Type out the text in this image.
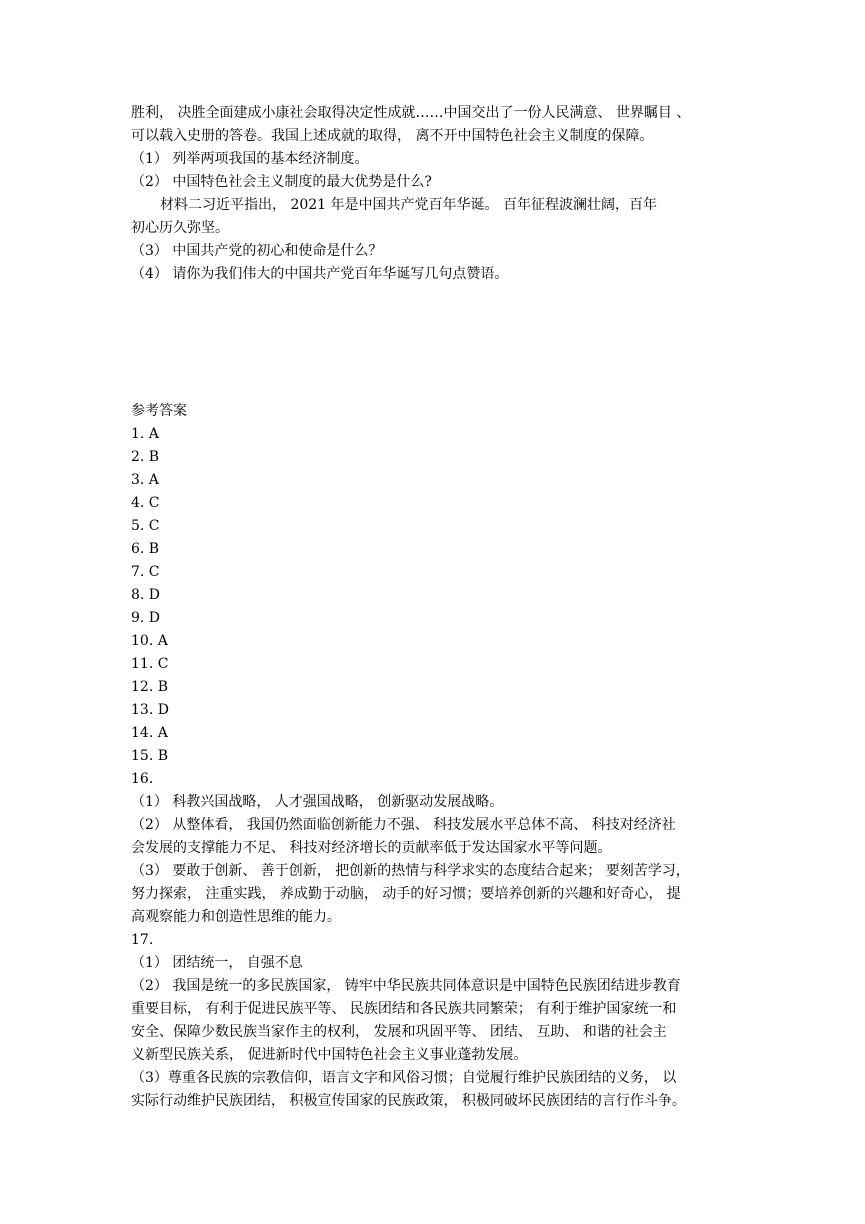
胜利， 决胜全面建成小康社会取得决定性成就……中国交出了一份人民满意、 世界瞩目 、
可以载入史册的答卷。我国上述成就的取得， 离不开中国特色社会主义制度的保障。
（1） 列举两项我国的基本经济制度。
（2） 中国特色社会主义制度的最大优势是什么?
材料二习近平指出， 2021 年是中国共产党百年华诞。 百年征程波澜壮阔，百年
初心历久弥坚。
（3） 中国共产党的初心和使命是什么？
（4） 请你为我们伟大的中国共产党百年华诞写几句点赞语。
参考答案
1. A
2. B
3. A
4. C
5. C
6. B
7. C
8. D
9. D
10. A
11. C
12. B
13. D
14. A
15. B
16.
（1） 科教兴国战略， 人才强国战略， 创新驱动发展战略。
（2） 从整体看， 我国仍然面临创新能力不强、 科技发展水平总体不高、 科技对经济社
会发展的支撑能力不足、 科技对经济增长的贡献率低于发达国家水平等问题。
（3） 要敢于创新、 善于创新， 把创新的热情与科学求实的态度结合起来； 要刻苦学习，
努力探索， 注重实践， 养成勤于动脑， 动手的好习惯；要培养创新的兴趣和好奇心， 提
高观察能力和创造性思维的能力。
17.
（1） 团结统一， 自强不息
（2） 我国是统一的多民族国家， 铸牢中华民族共同体意识是中国特色民族团结进步教育
重要目标， 有利于促进民族平等、 民族团结和各民族共同繁荣； 有利于维护国家统一和
安全、保障少数民族当家作主的权利， 发展和巩固平等、 团结、 互助、 和谐的社会主
义新型民族关系， 促进新时代中国特色社会主义事业蓬勃发展。
（3）尊重各民族的宗教信仰，语言文字和风俗习惯；自觉履行维护民族团结的义务， 以
实际行动维护民族团结， 积极宣传国家的民族政策， 积极同破坏民族团结的言行作斗争。
